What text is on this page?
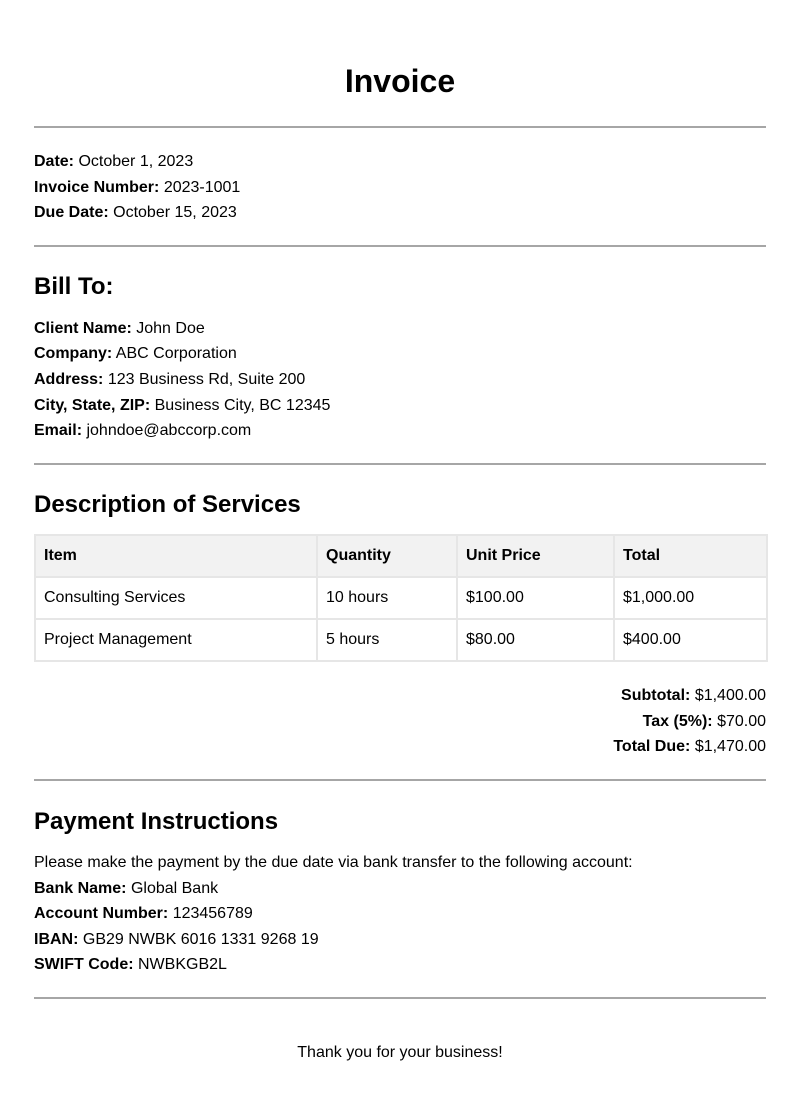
Invoice
Date: October 1, 2023
Invoice Number: 2023-1001
Due Date: October 15, 2023
Bill To:
Client Name: John Doe
Company: ABC Corporation
Address: 123 Business Rd, Suite 200
City, State, ZIP: Business City, BC 12345
Email: johndoe@abccorp.com
Description of Services
Item	Quantity	Unit Price	Total
Consulting Services	10 hours	$100.00	$1,000.00
Project Management	5 hours	$80.00	$400.00
Subtotal: $1,400.00
Tax (5%): $70.00
Total Due: $1,470.00
Payment Instructions
Please make the payment by the due date via bank transfer to the following account:
Bank Name: Global Bank
Account Number: 123456789
IBAN: GB29 NWBK 6016 1331 9268 19
SWIFT Code: NWBKGB2L
Thank you for your business!
